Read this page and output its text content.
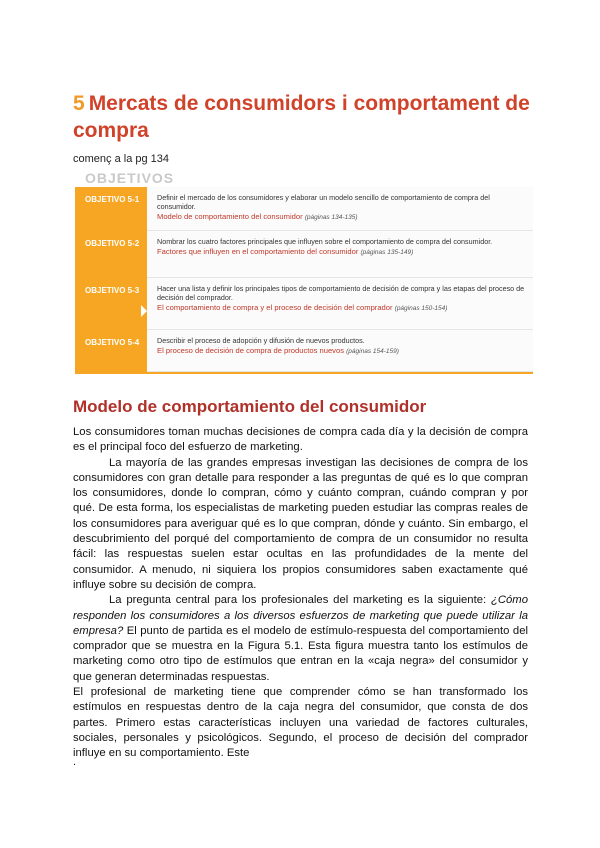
5 Mercats de consumidors i comportament de compra
començ a la pg 134
OBJETIVOS
OBJETIVO 5-1	Definir el mercado de los consumidores y elaborar un modelo sencillo de comportamiento de compra del consumidor.
Modelo de comportamiento del consumidor (páginas 134-135)
OBJETIVO 5-2	Nombrar los cuatro factores principales que influyen sobre el comportamiento de compra del consumidor.
Factores que influyen en el comportamiento del consumidor (páginas 135-149)
OBJETIVO 5-3	Hacer una lista y definir los principales tipos de comportamiento de decisión de compra y las etapas del proceso de decisión del comprador.
El comportamiento de compra y el proceso de decisión del comprador (páginas 150-154)
OBJETIVO 5-4	Describir el proceso de adopción y difusión de nuevos productos.
El proceso de decisión de compra de productos nuevos (páginas 154-159)
Modelo de comportamiento del consumidor

Los consumidores toman muchas decisiones de compra cada día y la decisión de compra es el principal foco del esfuerzo de marketing.

La mayoría de las grandes empresas investigan las decisiones de compra de los consumidores con gran detalle para responder a las preguntas de qué es lo que compran los consumidores, donde lo compran, cómo y cuánto compran, cuándo compran y por qué. De esta forma, los especialistas de marketing pueden estudiar las compras reales de los consumidores para averiguar qué es lo que compran, dónde y cuánto. Sin embargo, el descubrimiento del porqué del comportamiento de compra de un consumidor no resulta fácil: las respuestas suelen estar ocultas en las profundidades de la mente del consumidor. A menudo, ni siquiera los propios consumidores saben exactamente qué influye sobre su decisión de compra.

La pregunta central para los profesionales del marketing es la siguiente: ¿Cómo responden los consumidores a los diversos esfuerzos de marketing que puede utilizar la empresa? El punto de partida es el modelo de estímulo-respuesta del comportamiento del comprador que se muestra en la Figura 5.1. Esta figura muestra tanto los estímulos de marketing como otro tipo de estímulos que entran en la «caja negra» del consumidor y que generan determinadas respuestas.

El profesional de marketing tiene que comprender cómo se han transformado los estímulos en respuestas dentro de la caja negra del consumidor, que consta de dos partes. Primero estas características incluyen una variedad de factores culturales, sociales, personales y psicológicos. Segundo, el proceso de decisión del comprador influye en su comportamiento. Este

.
